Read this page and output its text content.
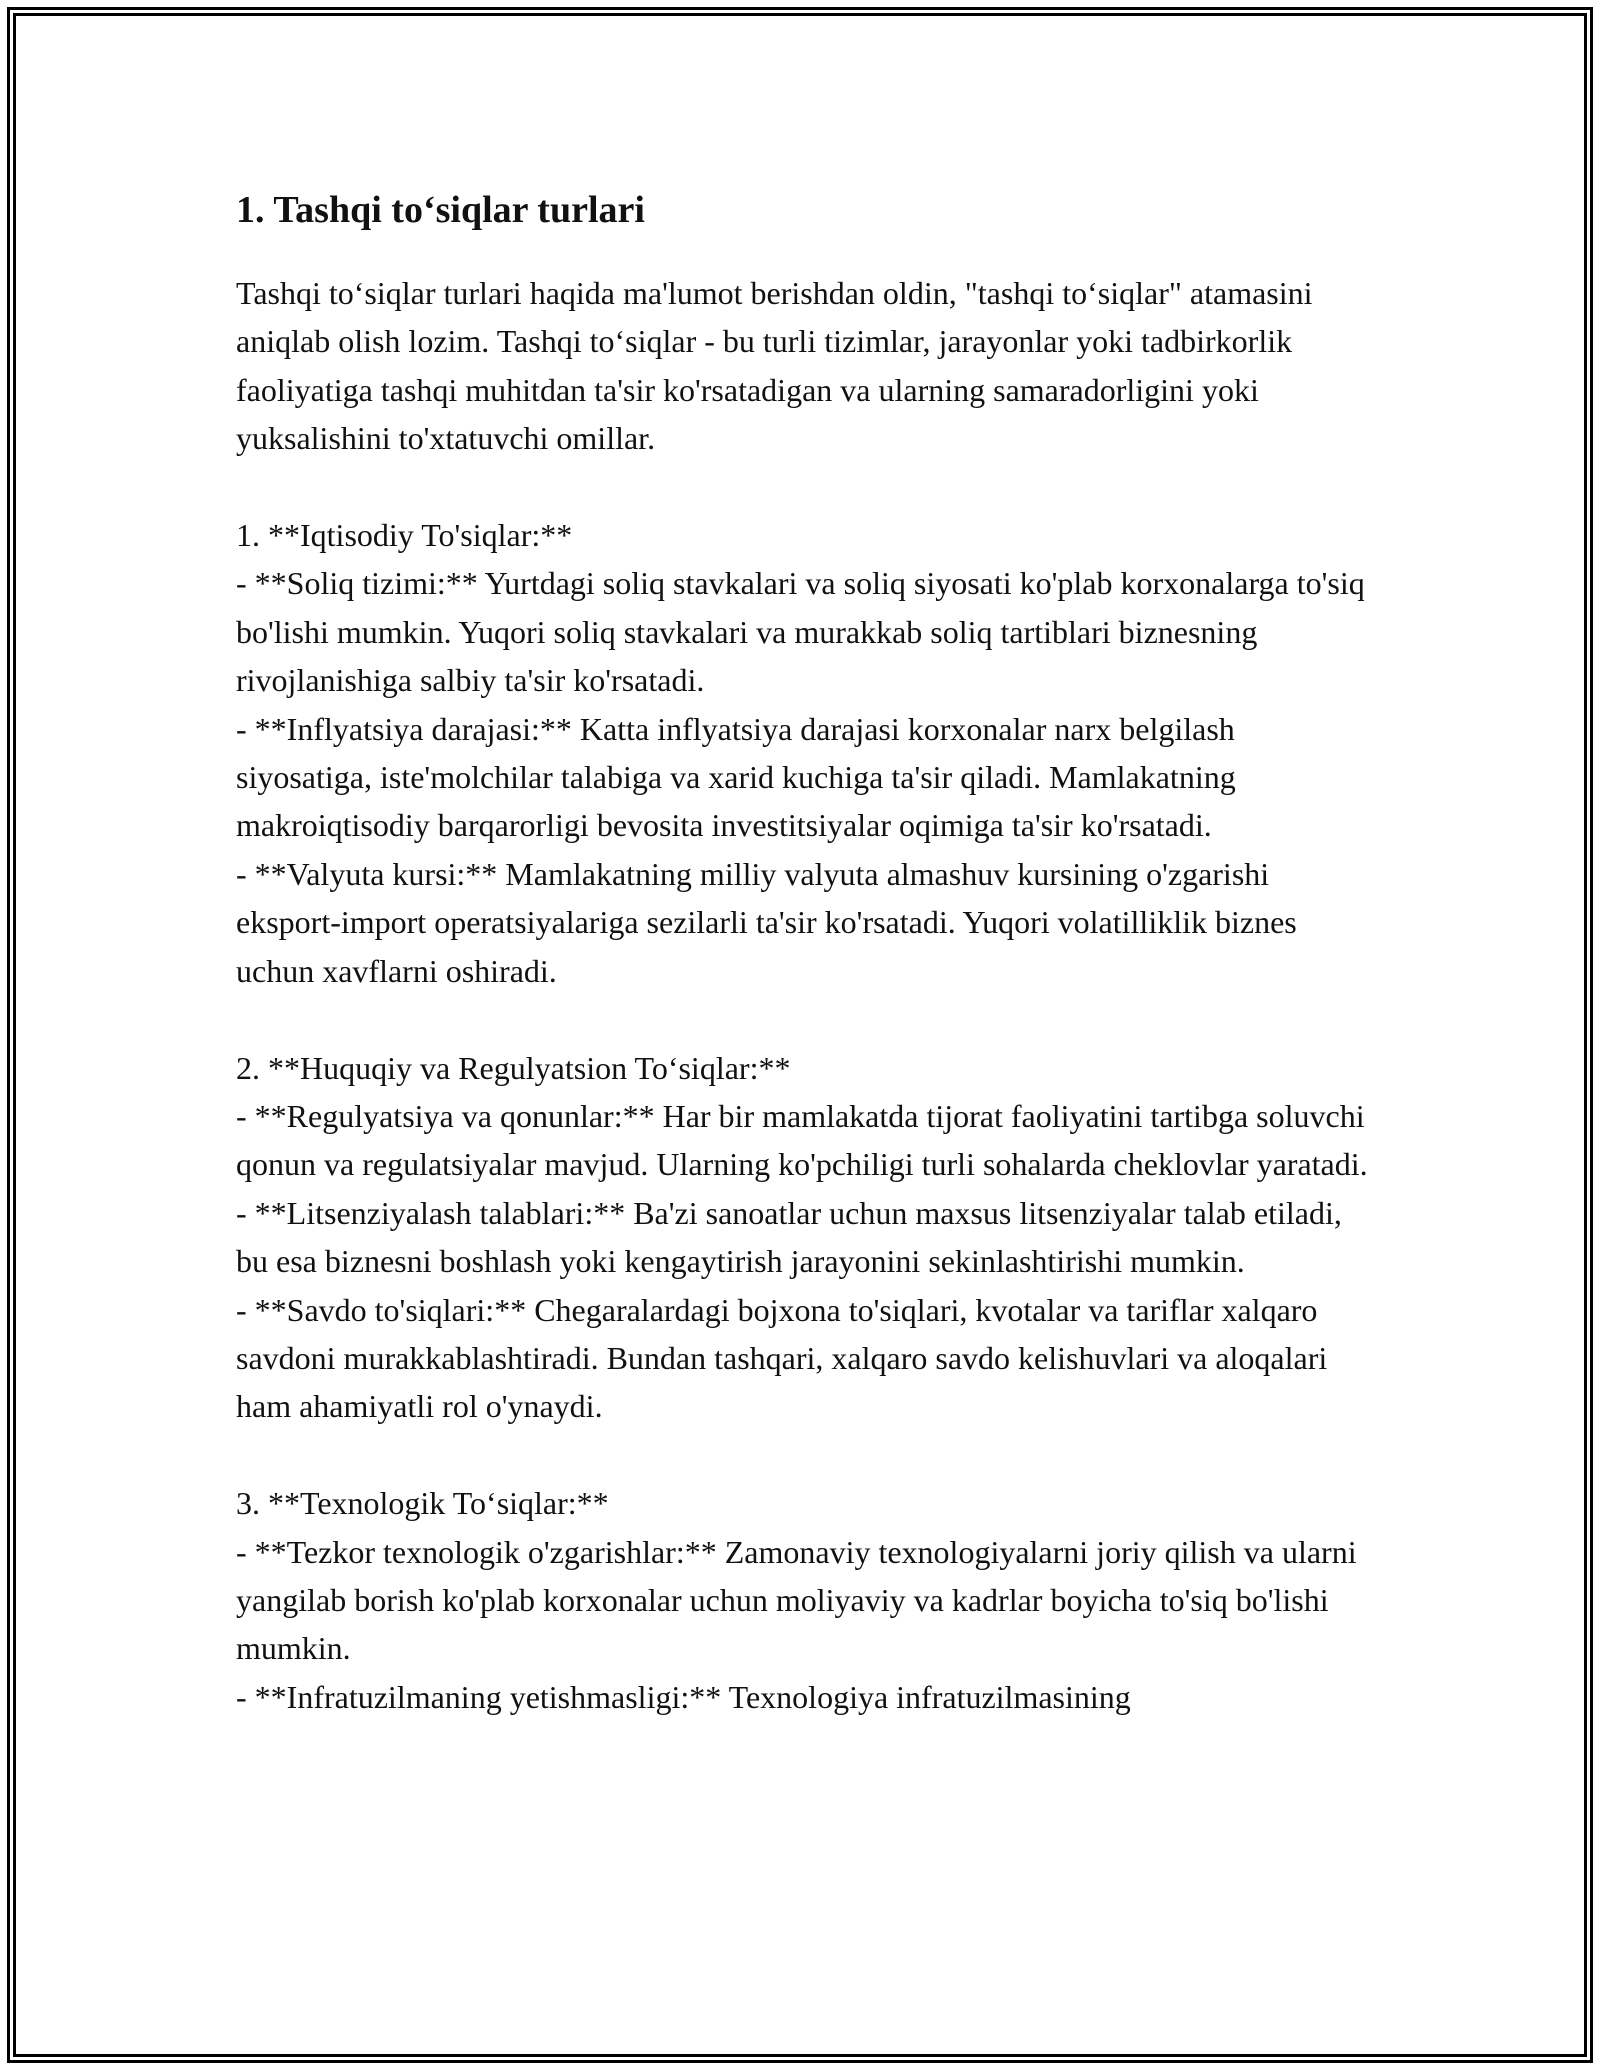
1. Tashqi to‘siqlar turlari

Tashqi to‘siqlar turlari haqida ma'lumot berishdan oldin, "tashqi to‘siqlar" atamasini aniqlab olish lozim. Tashqi to‘siqlar - bu turli tizimlar, jarayonlar yoki tadbirkorlik faoliyatiga tashqi muhitdan ta'sir ko'rsatadigan va ularning samaradorligini yoki yuksalishini to'xtatuvchi omillar.

1. **Iqtisodiy To'siqlar:**
- **Soliq tizimi:** Yurtdagi soliq stavkalari va soliq siyosati ko'plab korxonalarga to'siq bo'lishi mumkin. Yuqori soliq stavkalari va murakkab soliq tartiblari biznesning rivojlanishiga salbiy ta'sir ko'rsatadi.
- **Inflyatsiya darajasi:** Katta inflyatsiya darajasi korxonalar narx belgilash siyosatiga, iste'molchilar talabiga va xarid kuchiga ta'sir qiladi. Mamlakatning makroiqtisodiy barqarorligi bevosita investitsiyalar oqimiga ta'sir ko'rsatadi.
- **Valyuta kursi:** Mamlakatning milliy valyuta almashuv kursining o'zgarishi eksport-import operatsiyalariga sezilarli ta'sir ko'rsatadi. Yuqori volatilliklik biznes uchun xavflarni oshiradi.

2. **Huquqiy va Regulyatsion To‘siqlar:**
- **Regulyatsiya va qonunlar:** Har bir mamlakatda tijorat faoliyatini tartibga soluvchi qonun va regulatsiyalar mavjud. Ularning ko'pchiligi turli sohalarda cheklovlar yaratadi.
- **Litsenziyalash talablari:** Ba'zi sanoatlar uchun maxsus litsenziyalar talab etiladi, bu esa biznesni boshlash yoki kengaytirish jarayonini sekinlashtirishi mumkin.
- **Savdo to'siqlari:** Chegaralardagi bojxona to'siqlari, kvotalar va tariflar xalqaro savdoni murakkablashtiradi. Bundan tashqari, xalqaro savdo kelishuvlari va aloqalari ham ahamiyatli rol o'ynaydi.

3. **Texnologik To‘siqlar:**
- **Tezkor texnologik o'zgarishlar:** Zamonaviy texnologiyalarni joriy qilish va ularni yangilab borish ko'plab korxonalar uchun moliyaviy va kadrlar boyicha to'siq bo'lishi mumkin.
- **Infratuzilmaning yetishmasligi:** Texnologiya infratuzilmasining
